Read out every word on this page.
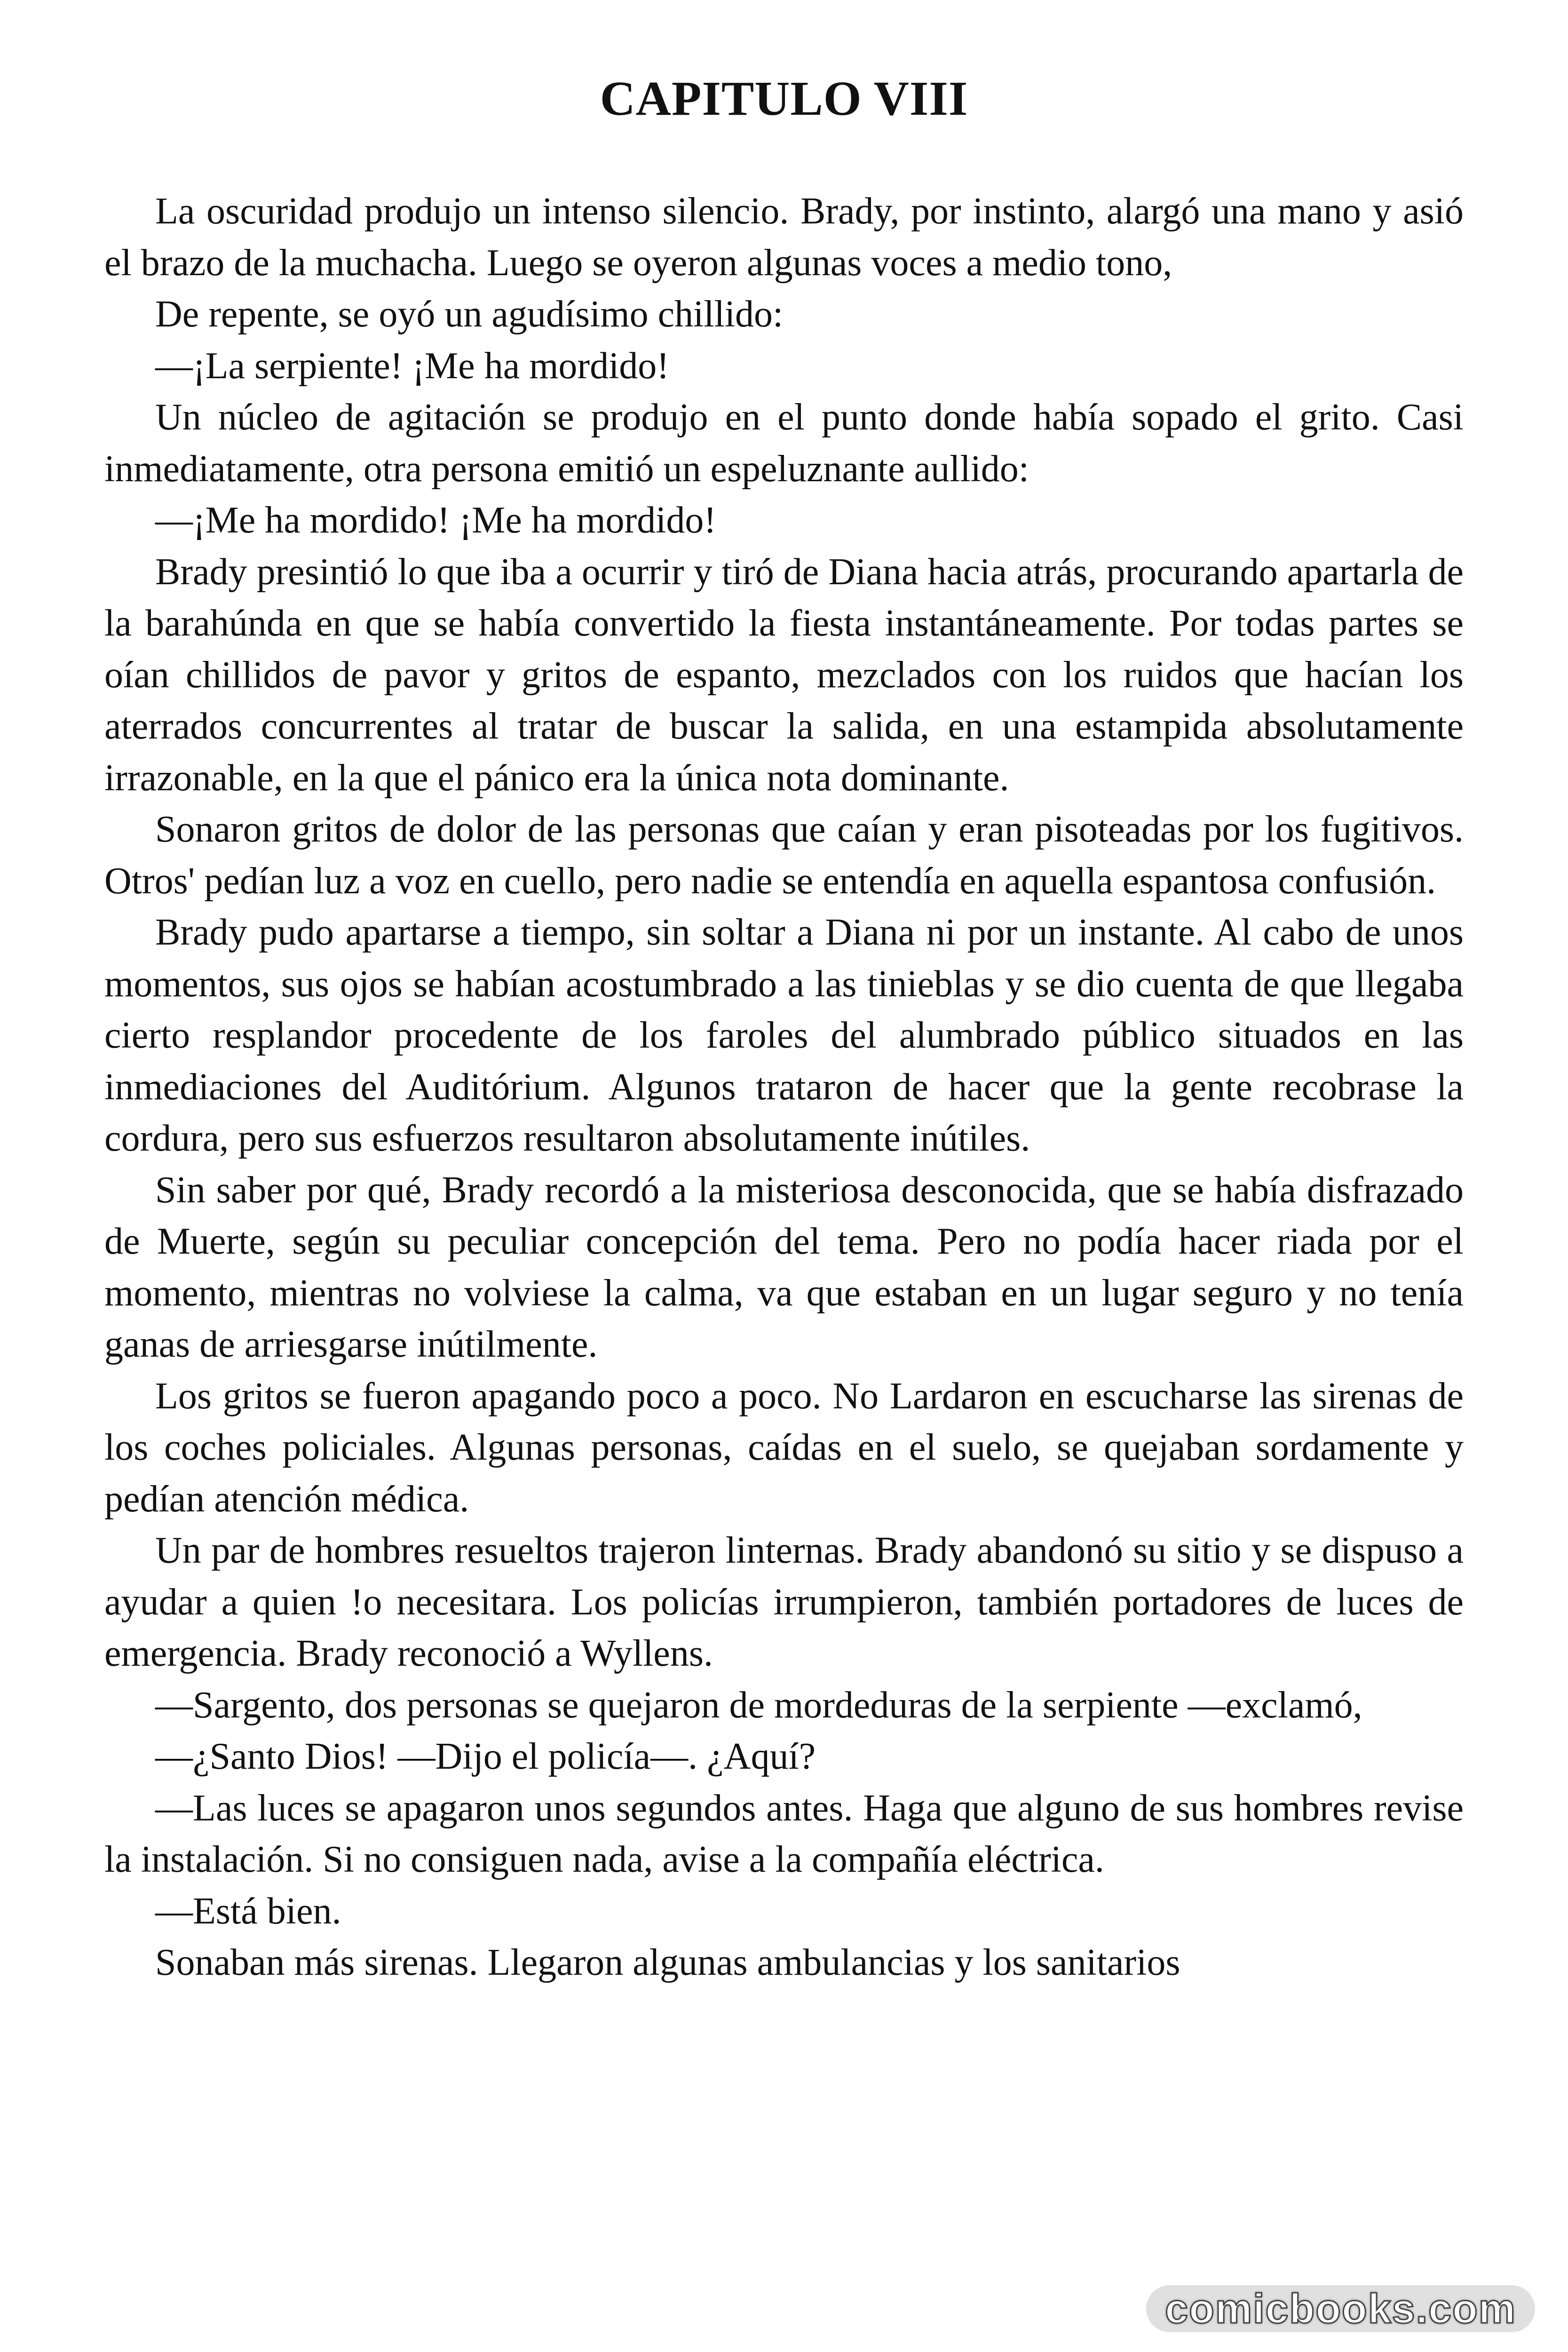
CAPITULO VIII

La oscuridad produjo un intenso silencio. Brady, por instinto, alargó una mano y asió el brazo de la muchacha. Luego se oyeron algunas voces a medio tono,

De repente, se oyó un agudísimo chillido:

—¡La serpiente! ¡Me ha mordido!

Un núcleo de agitación se produjo en el punto donde había sopado el grito. Casi inmediatamente, otra persona emitió un espeluznante aullido:

—¡Me ha mordido! ¡Me ha mordido!

Brady presintió lo que iba a ocurrir y tiró de Diana hacia atrás, procurando apartarla de la barahúnda en que se había convertido la fiesta instantáneamente. Por todas partes se oían chillidos de pavor y gritos de espanto, mezclados con los ruidos que hacían los aterrados concurrentes al tratar de buscar la salida, en una estampida absolutamente irrazonable, en la que el pánico era la única nota dominante.

Sonaron gritos de dolor de las personas que caían y eran pisoteadas por los fugitivos. Otros' pedían luz a voz en cuello, pero nadie se entendía en aquella espantosa confusión.

Brady pudo apartarse a tiempo, sin soltar a Diana ni por un instante. Al cabo de unos momentos, sus ojos se habían acostumbrado a las tinieblas y se dio cuenta de que llegaba cierto resplandor procedente de los faroles del alumbrado público situados en las inmediaciones del Auditórium. Algunos trataron de hacer que la gente recobrase la cordura, pero sus esfuerzos resultaron absolutamente inútiles.

Sin saber por qué, Brady recordó a la misteriosa desconocida, que se había disfrazado de Muerte, según su peculiar concepción del tema. Pero no podía hacer riada por el momento, mientras no volviese la calma, va que estaban en un lugar seguro y no tenía ganas de arriesgarse inútilmente.

Los gritos se fueron apagando poco a poco. No Lardaron en escucharse las sirenas de los coches policiales. Algunas personas, caídas en el suelo, se quejaban sordamente y pedían atención médica.

Un par de hombres resueltos trajeron linternas. Brady abandonó su sitio y se dispuso a ayudar a quien !o necesitara. Los policías irrumpieron, también portadores de luces de emergencia. Brady reconoció a Wyllens.

—Sargento, dos personas se quejaron de mordeduras de la serpiente —exclamó,

—¿Santo Dios! —Dijo el policía—. ¿Aquí?

—Las luces se apagaron unos segundos antes. Haga que alguno de sus hombres revise la instalación. Si no consiguen nada, avise a la compañía eléctrica.

—Está bien.

Sonaban más sirenas. Llegaron algunas ambulancias y los sanitarios

comicbooks.com
